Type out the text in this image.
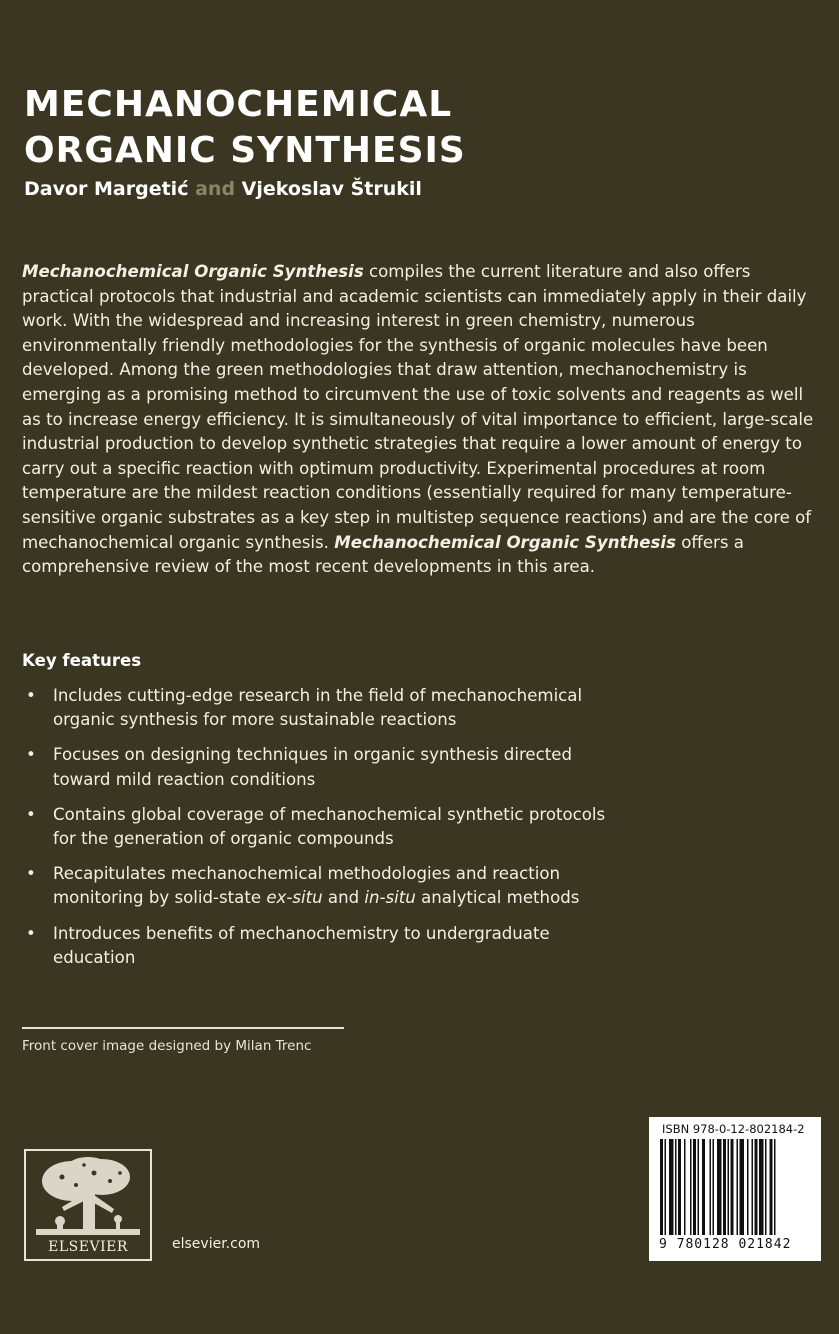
MECHANOCHEMICAL
ORGANIC SYNTHESIS
Davor Margetić and Vjekoslav Štrukil

Mechanochemical Organic Synthesis compiles the current literature and also offers practical protocols that industrial and academic scientists can immediately apply in their daily work. With the widespread and increasing interest in green chemistry, numerous environmentally friendly methodologies for the synthesis of organic molecules have been developed. Among the green methodologies that draw attention, mechanochemistry is emerging as a promising method to circumvent the use of toxic solvents and reagents as well as to increase energy efficiency. It is simultaneously of vital importance to efficient, large-scale industrial production to develop synthetic strategies that require a lower amount of energy to carry out a specific reaction with optimum productivity. Experimental procedures at room temperature are the mildest reaction conditions (essentially required for many temperature-sensitive organic substrates as a key step in multistep sequence reactions) and are the core of mechanochemical organic synthesis. Mechanochemical Organic Synthesis offers a comprehensive review of the most recent developments in this area.

Key features
• Includes cutting-edge research in the field of mechanochemical
organic synthesis for more sustainable reactions
• Focuses on designing techniques in organic synthesis directed
toward mild reaction conditions
• Contains global coverage of mechanochemical synthetic protocols
for the generation of organic compounds
• Recapitulates mechanochemical methodologies and reaction
monitoring by solid-state ex-situ and in-situ analytical methods
• Introduces benefits of mechanochemistry to undergraduate
education
Front cover image designed by Milan Trenc
ELSEVIER	elsevier.com
ISBN 978-0-12-802184-2
9 780128 021842
